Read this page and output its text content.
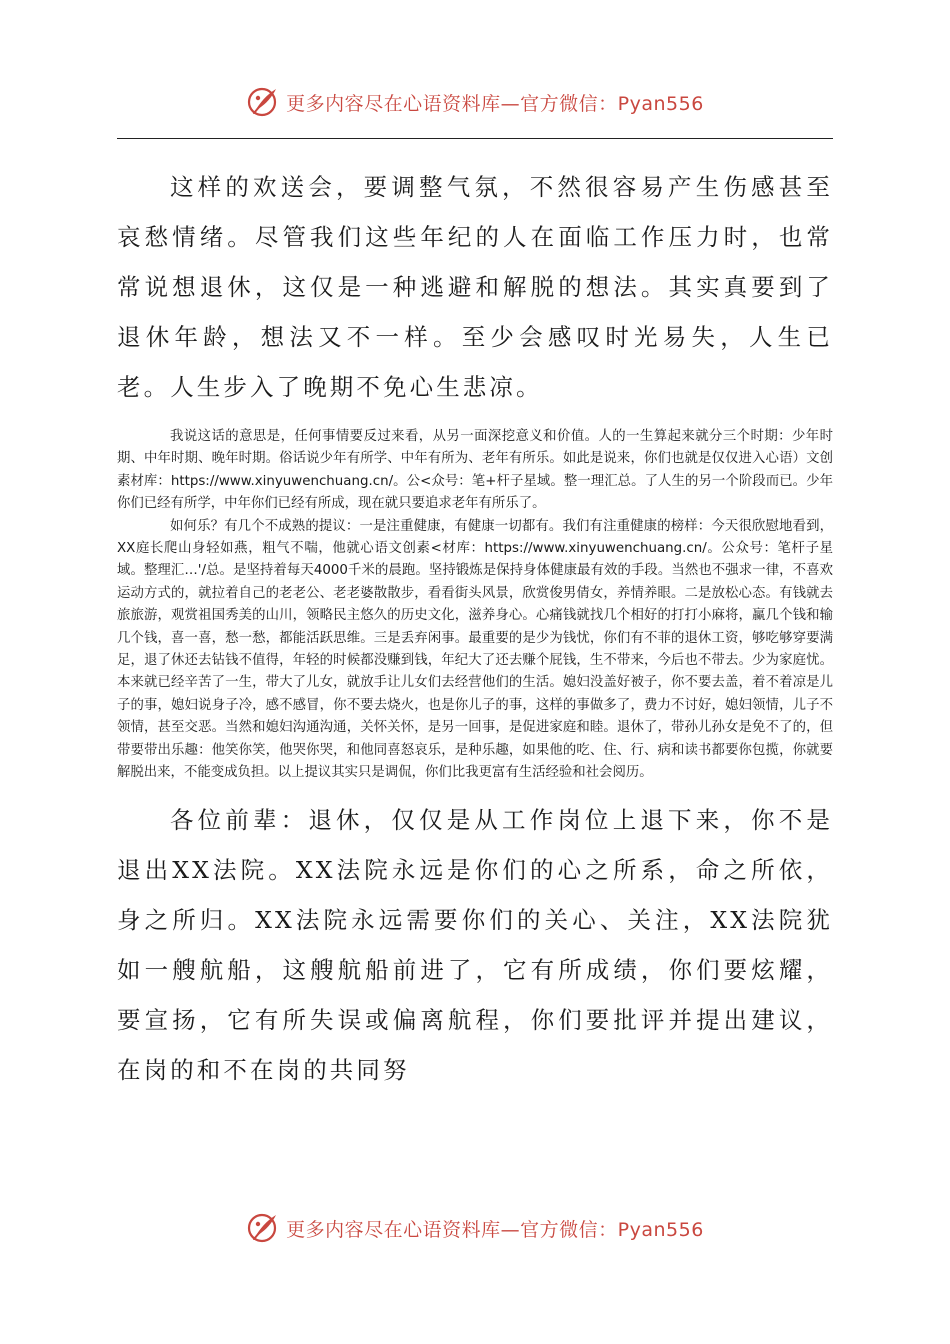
更多内容尽在心语资料库—官方微信：Pyan556

这样的欢送会，要调整气氛，不然很容易产生伤感甚至哀愁情绪。尽管我们这些年纪的人在面临工作压力时，也常常说想退休，这仅是一种逃避和解脱的想法。其实真要到了退休年龄，想法又不一样。至少会感叹时光易失，人生已老。人生步入了晚期不免心生悲凉。

我说这话的意思是，任何事情要反过来看，从另一面深挖意义和价值。人的一生算起来就分三个时期：少年时期、中年时期、晚年时期。俗话说少年有所学、中年有所为、老年有所乐。如此是说来，你们也就是仅仅进入心语）文创素材库：https://www.xinyuwenchuang.cn/。公<众号：笔+杆子星域。整一理汇总。了人生的另一个阶段而已。少年你们已经有所学，中年你们已经有所成，现在就只要追求老年有所乐了。

如何乐？有几个不成熟的提议：一是注重健康，有健康一切都有。我们有注重健康的榜样：今天很欣慰地看到，XX庭长爬山身轻如燕，粗气不喘，他就心语文创素<材库：https://www.xinyuwenchuang.cn/。公众号：笔杆子星域。整理汇…'/总。是坚持着每天4000千米的晨跑。坚持锻炼是保持身体健康最有效的手段。当然也不强求一律，不喜欢运动方式的，就拉着自己的老老公、老老婆散散步，看看街头风景，欣赏俊男倩女，养情养眼。二是放松心态。有钱就去旅旅游，观赏祖国秀美的山川，领略民主悠久的历史文化，滋养身心。心痛钱就找几个相好的打打小麻将，赢几个钱和输几个钱，喜一喜，愁一愁，都能活跃思维。三是丢弃闲事。最重要的是少为钱忧，你们有不菲的退休工资，够吃够穿要满足，退了休还去钻钱不值得，年轻的时候都没赚到钱，年纪大了还去赚个屁钱，生不带来，今后也不带去。少为家庭忧。本来就已经辛苦了一生，带大了儿女，就放手让儿女们去经营他们的生活。媳妇没盖好被子，你不要去盖，着不着凉是儿子的事，媳妇说身子冷，感不感冒，你不要去烧火，也是你儿子的事，这样的事做多了，费力不讨好，媳妇领情，儿子不领情，甚至交恶。当然和媳妇沟通沟通，关怀关怀，是另一回事，是促进家庭和睦。退休了，带孙儿孙女是免不了的，但带要带出乐趣：他笑你笑，他哭你哭，和他同喜怒哀乐，是种乐趣，如果他的吃、住、行、病和读书都要你包揽，你就要解脱出来，不能变成负担。以上提议其实只是调侃，你们比我更富有生活经验和社会阅历。

各位前辈：退休，仅仅是从工作岗位上退下来，你不是退出XX法院。XX法院永远是你们的心之所系，命之所依，身之所归。XX法院永远需要你们的关心、关注，XX法院犹如一艘航船，这艘航船前进了，它有所成绩，你们要炫耀，要宣扬，它有所失误或偏离航程，你们要批评并提出建议，在岗的和不在岗的共同努

更多内容尽在心语资料库—官方微信：Pyan556
